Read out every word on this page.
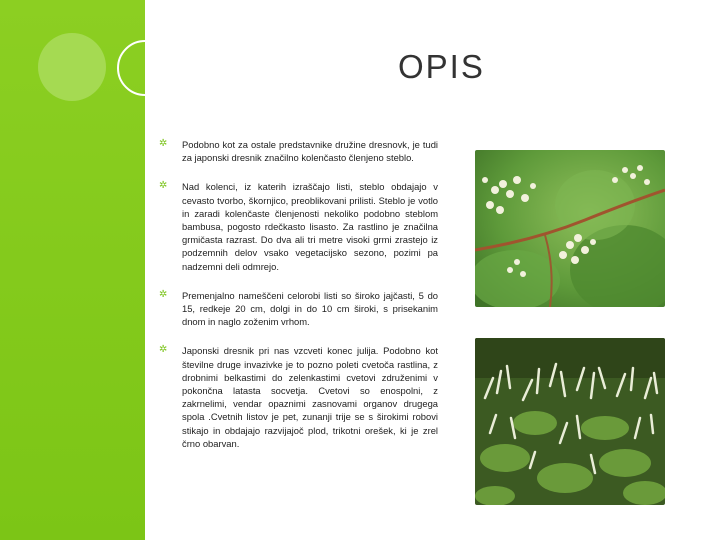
OPIS
✲	Podobno kot za ostale predstavnike družine dresnovk, je tudi za japonski dresnik značilno kolenčasto členjeno steblo.
✲	Nad kolenci, iz katerih izraščajo listi, steblo obdajajo v cevasto tvorbo, škornjico, preoblikovani prilisti. Steblo je votlo in zaradi kolenčaste členjenosti nekoliko podobno steblom bambusa, pogosto rdečkasto lisasto. Za rastlino je značilna grmičasta razrast. Do dva ali tri metre visoki grmi zrastejo iz podzemnih delov vsako vegetacijsko sezono, pozimi pa nadzemni deli odmrejo.
✲	Premenjalno nameščeni celorobi listi so široko jajčasti, 5 do 15, redkeje 20 cm, dolgi in do 10 cm široki, s prisekanim dnom in naglo zoženim vrhom.
✲	Japonski dresnik pri nas vzcveti konec julija. Podobno kot številne druge invazivke je to pozno poleti cvetoča rastlina, z drobnimi belkastimi do zelenkastimi cvetovi združenimi v pokončna latasta socvetja. Cvetovi so enospolni, z zakrnelimi, vendar opaznimi zasnovami organov drugega spola .Cvetnih listov je pet, zunanji trije se s širokimi robovi stikajo in obdajajo razvijajoč plod, trikotni orešek, ki je zrel črno obarvan.
